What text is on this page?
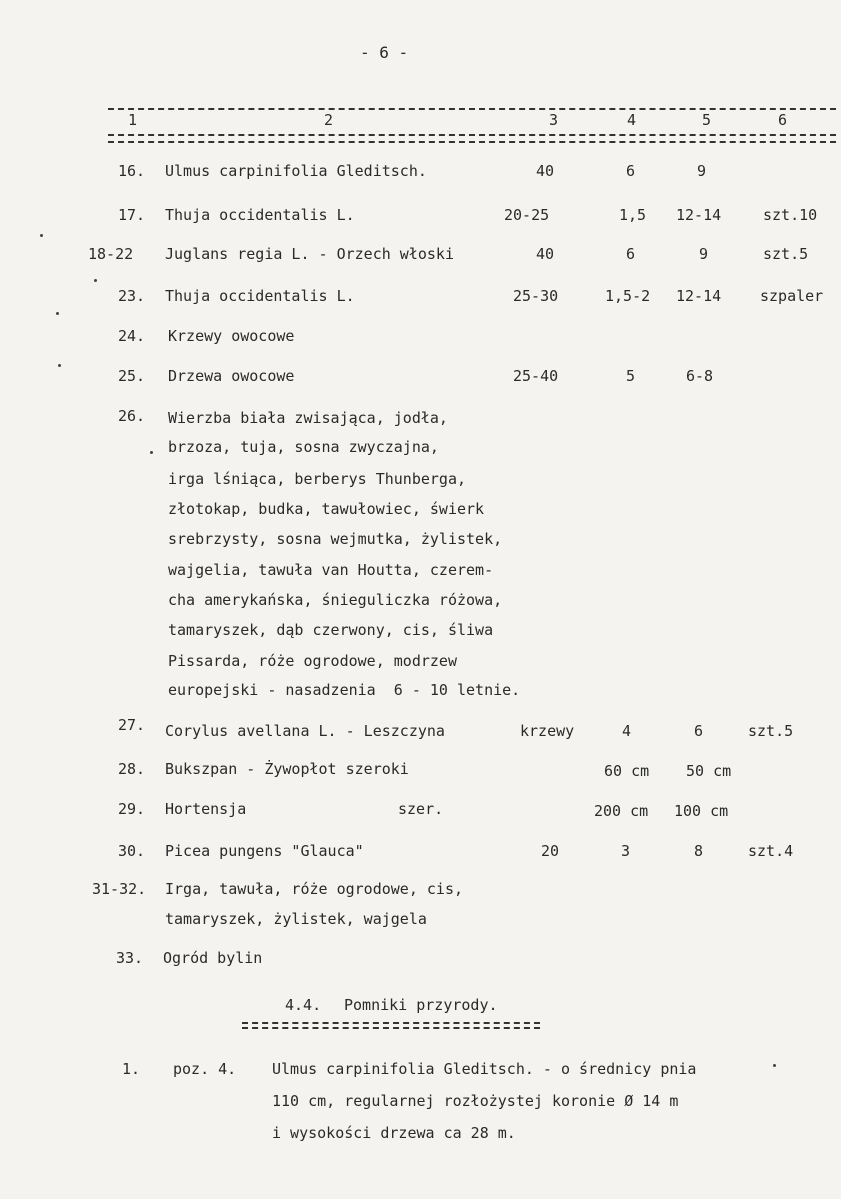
- 6 -
1	2	3	4	5	6
16. Ulmus carpinifolia Gleditsch.	40	6	9
17. Thuja occidentalis L.	20-25	1,5 12-14	szt.10
18-22 Juglans regia L. - Orzech włoski	40	6	9	szt.5
23. Thuja occidentalis L.	25-30	1,5-2 12-14	szpaler
24. Krzewy owocowe
25. Drzewa owocowe	25-40	5	6-8
26. Wierzba biała zwisająca, jodła,
brzoza, tuja, sosna zwyczajna,
irga lśniąca, berberys Thunberga,
złotokap, budka, tawułowiec, świerk
srebrzysty, sosna wejmutka, żylistek,
wajgelia, tawuła van Houtta, czerem-
cha amerykańska, śnieguliczka różowa,
tamaryszek, dąb czerwony, cis, śliwa
Pissarda, róże ogrodowe, modrzew
europejski - nasadzenia  6 - 10 letnie.
27. Corylus avellana L. - Leszczyna	krzewy	4	6	szt.5
28. Bukszpan - Żywopłot szeroki	60 cm 50 cm
29. Hortensja	szer.	200 cm 100 cm
30. Picea pungens "Glauca"	20	3	8	szt.4
31-32. Irga, tawuła, róże ogrodowe, cis,
tamaryszek, żylistek, wajgela
33. Ogród bylin
4.4. Pomniki przyrody.
1. poz. 4. Ulmus carpinifolia Gleditsch. - o średnicy pnia
110 cm, regularnej rozłożystej koronie Ø 14 m
i wysokości drzewa ca 28 m.
